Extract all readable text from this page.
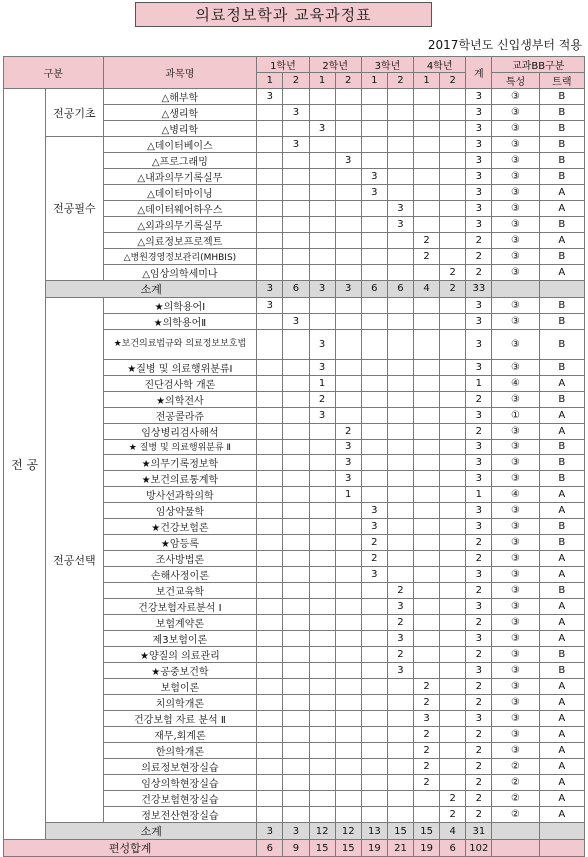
의료정보학과 교육과정표
2017학년도 신입생부터 적용
구분		과목명	1학년		2학년		3학년		4학년		계	교과BB구분	
			1	2	1	2	1	2	1	2		특성	트랙
전 공	전공기초	△해부학	3								3	③	B
		△생리학		3							3	③	B
		△병리학			3						3	③	B
	전공필수	△데이터베이스		3							3	③	B
		△프로그래밍				3					3	③	B
		△내과의무기록실무					3				3	③	B
		△데이터마이닝					3				3	③	A
		△데이터웨어하우스						3			3	③	A
		△외과의무기록실무						3			3	③	B
		△의료정보프로젝트							2		2	③	A
		△병원경영정보관리(MHBIS)							2		2	③	B
		△임상의학세미나								2	2	③	A
	소계		3	6	3	3	6	6	4	2	33		
	전공선택	★의학용어Ⅰ	3								3	③	B
		★의학용어Ⅱ		3							3	③	B
		★보건의료법규와 의료정보보호법			3						3	③	B
		★질병 및 의료행위분류Ⅰ			3						3	③	B
		진단검사학 개론			1						1	④	A
		★의학전사			2						2	③	B
		전공콜라쥬			3						3	①	A
		임상병리검사해석				2					2	③	A
		★ 질병 및 의료행위분류 Ⅱ				3					3	③	B
		★의무기록정보학				3					3	③	B
		★보건의료통계학				3					3	③	B
		방사선과학의학				1					1	④	A
		임상약물학					3				3	③	A
		★건강보험론					3				3	③	B
		★암등록					2				2	③	B
		조사방법론					2				2	③	A
		손해사정이론					3				3	③	A
		보건교육학						2			2	③	B
		건강보험자료분석 Ⅰ						3			3	③	A
		보험계약론						2			2	③	A
		제3보험이론						3			3	③	A
		★양질의 의료관리						2			2	③	B
		★공중보건학						3			3	③	B
		보험이론							2		2	③	A
		치의학개론							2		2	③	A
		건강보험 자료 분석 Ⅱ							3		3	③	A
		재무,회계론							2		2	③	A
		한의학개론							2		2	③	A
		의료정보현장실습							2		2	②	A
		임상의학현장실습							2		2	②	A
		건강보험현장실습								2	2	②	A
		정보전산현장실습								2	2	②	A
	소계		3	3	12	12	13	15	15	4	31		
편성합계			6	9	15	15	19	21	19	6	102		
